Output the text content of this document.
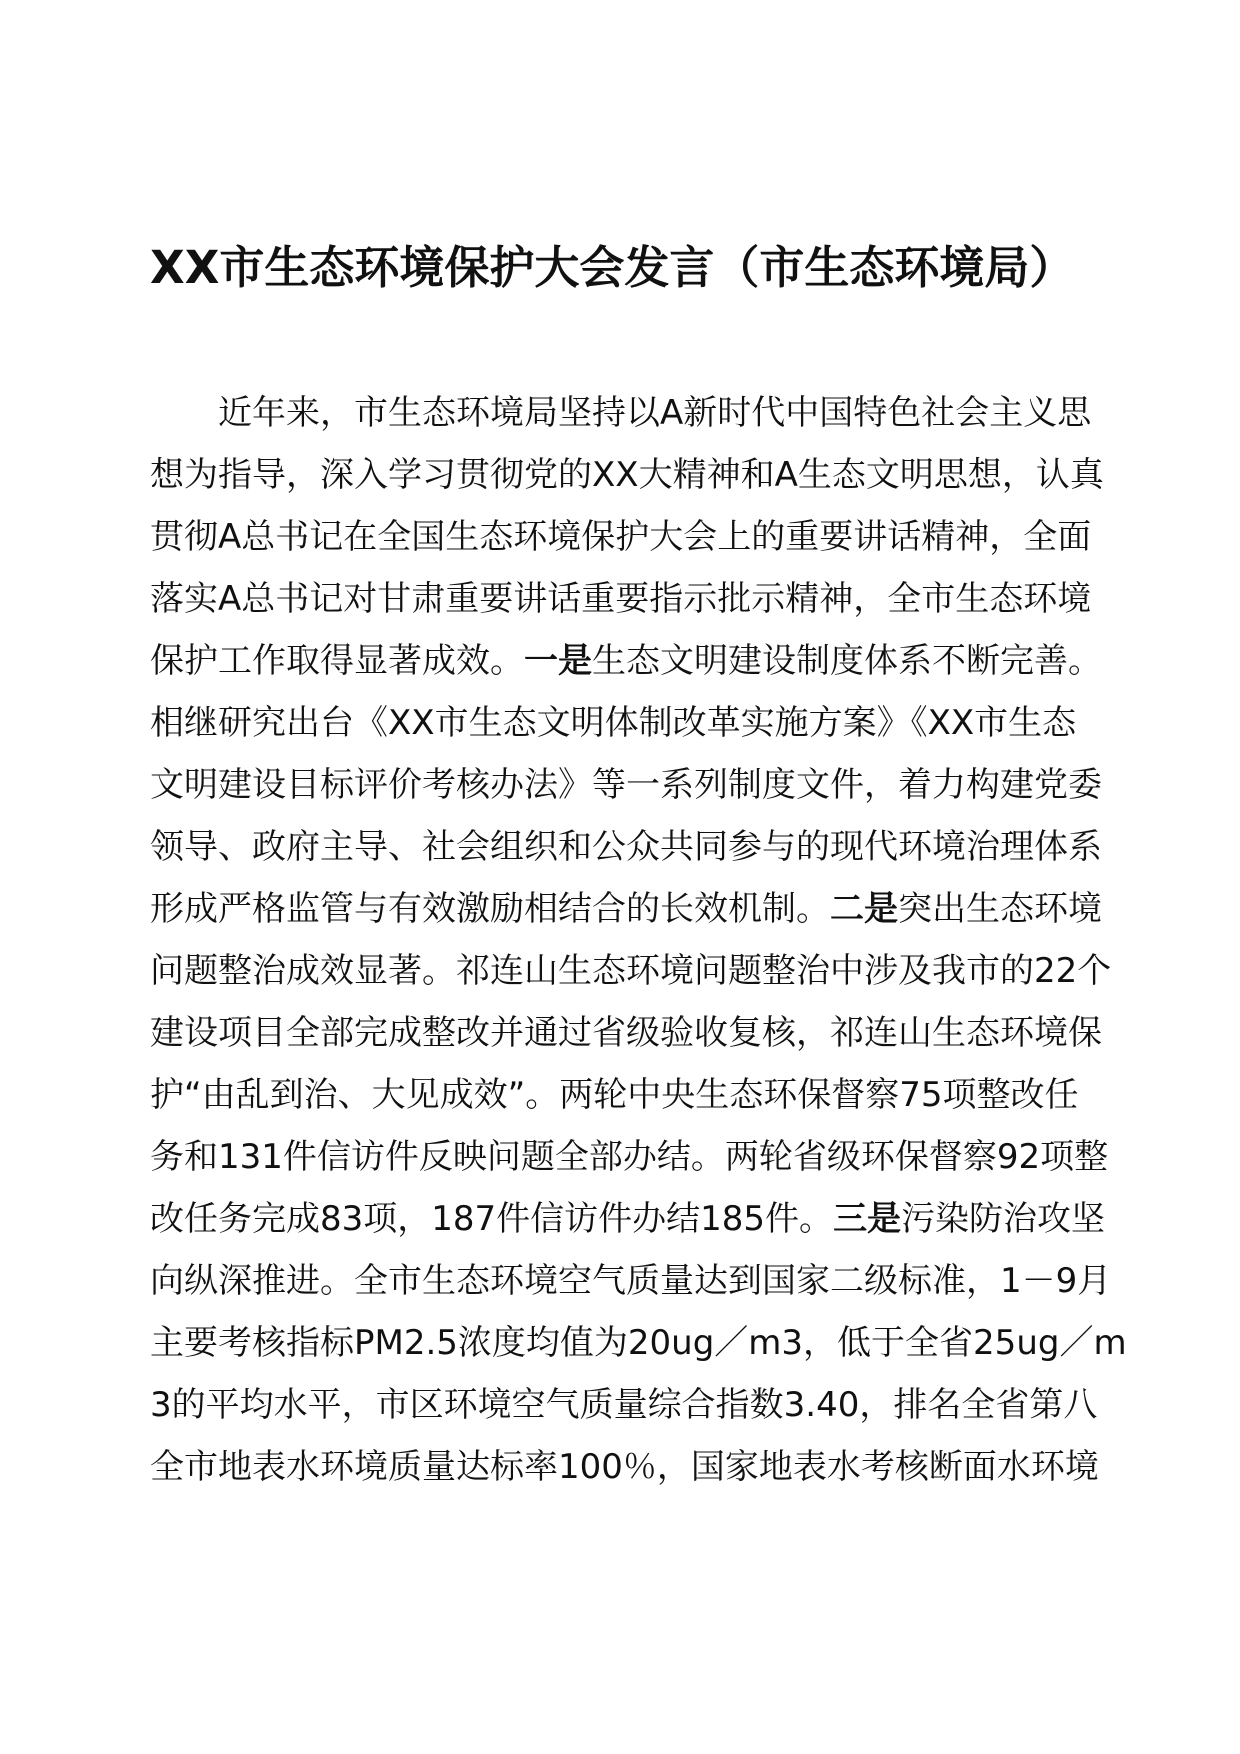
XX市生态环境保护大会发言（市生态环境局）
近年来，市生态环境局坚持以A新时代中国特色社会主义思
想为指导，深入学习贯彻党的XX大精神和A生态文明思想，认真
贯彻A总书记在全国生态环境保护大会上的重要讲话精神，全面
落实A总书记对甘肃重要讲话重要指示批示精神，全市生态环境
保护工作取得显著成效。一是生态文明建设制度体系不断完善。
相继研究出台《XX市生态文明体制改革实施方案》《XX市生态
文明建设目标评价考核办法》等一系列制度文件，着力构建党委
领导、政府主导、社会组织和公众共同参与的现代环境治理体系
形成严格监管与有效激励相结合的长效机制。二是突出生态环境
问题整治成效显著。祁连山生态环境问题整治中涉及我市的22个
建设项目全部完成整改并通过省级验收复核，祁连山生态环境保
护“由乱到治、大见成效”。两轮中央生态环保督察75项整改任
务和131件信访件反映问题全部办结。两轮省级环保督察92项整
改任务完成83项，187件信访件办结185件。三是污染防治攻坚
向纵深推进。全市生态环境空气质量达到国家二级标准，1－9月
主要考核指标PM2.5浓度均值为20ug／m3，低于全省25ug／m
3的平均水平，市区环境空气质量综合指数3.40，排名全省第八
全市地表水环境质量达标率100％，国家地表水考核断面水环境
